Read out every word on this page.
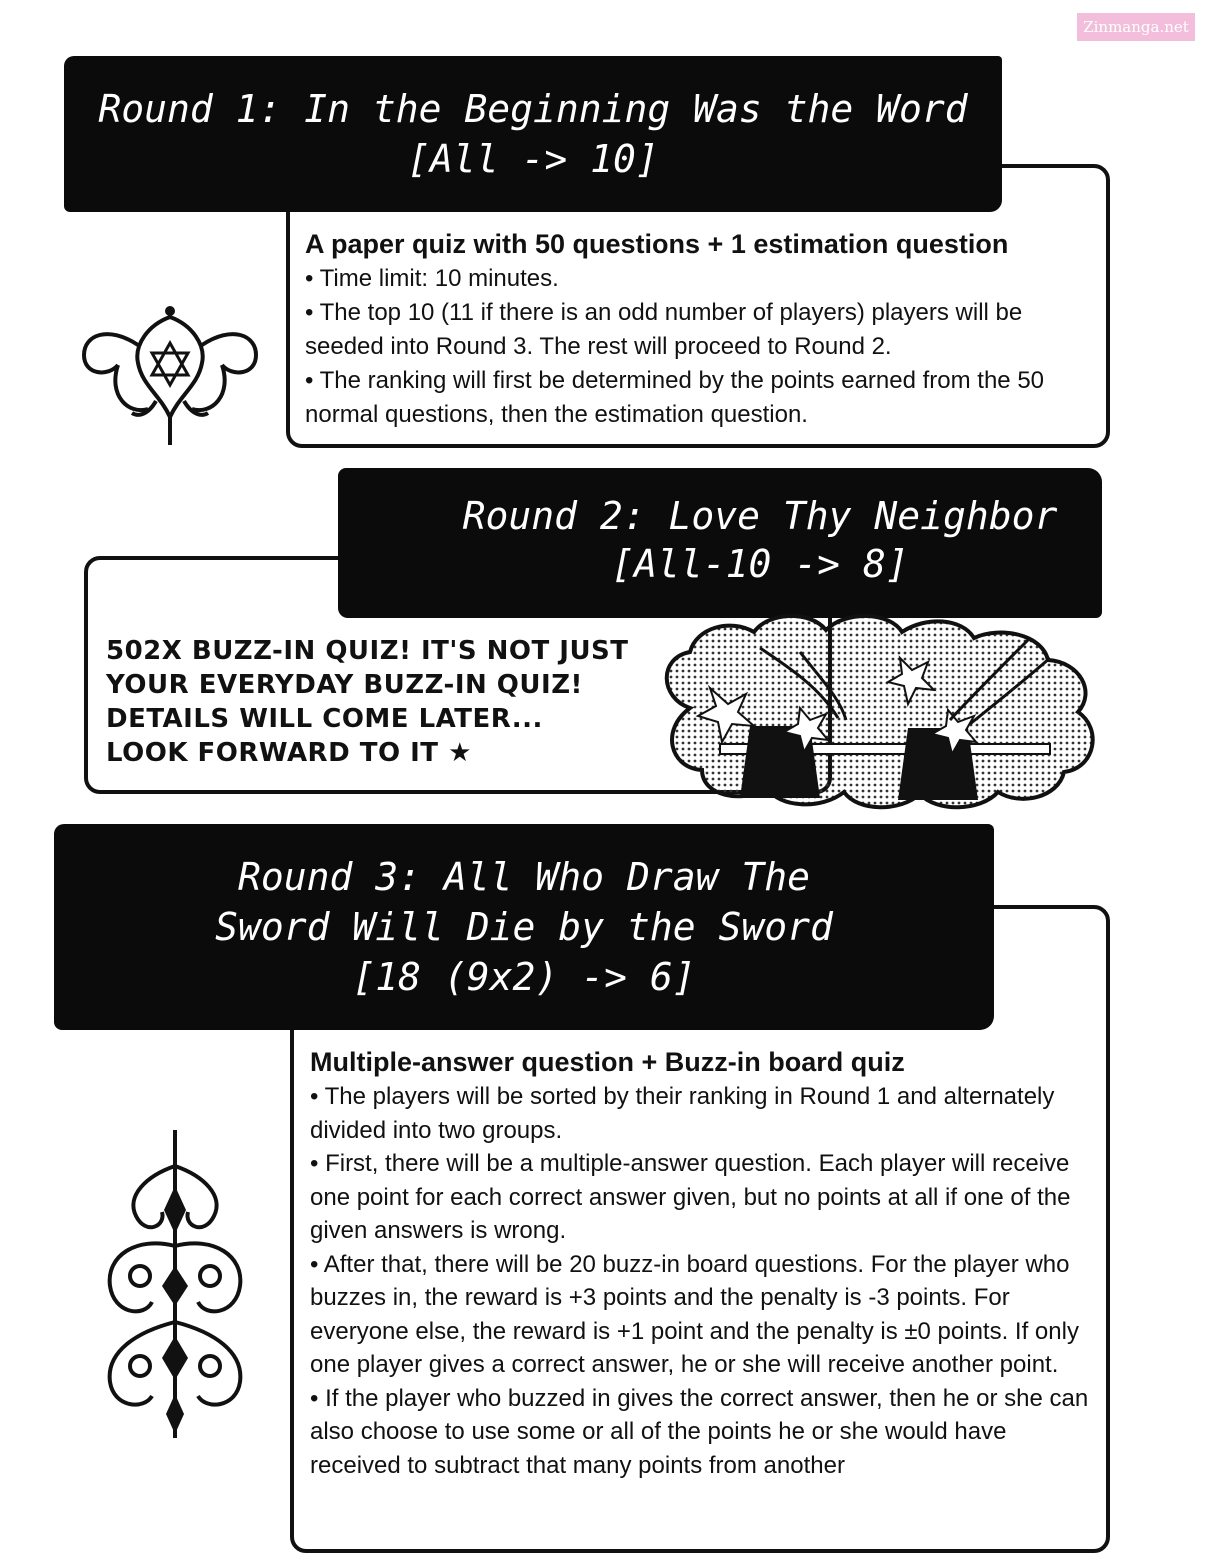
Zinmanga.net
Round 1: In the Beginning Was the Word
[All -> 10]
A paper quiz with 50 questions + 1 estimation question
• Time limit: 10 minutes.
• The top 10 (11 if there is an odd number of players) players will be seeded into Round 3. The rest will proceed to Round 2.
• The ranking will first be determined by the points earned from the 50 normal questions, then the estimation question.
Round 2: Love Thy Neighbor
[All-10 -> 8]
502X BUZZ-IN QUIZ! IT'S NOT JUST
YOUR EVERYDAY BUZZ-IN QUIZ!
DETAILS WILL COME LATER...
LOOK FORWARD TO IT ★
Round 3: All Who Draw The
Sword Will Die by the Sword
[18 (9x2) -> 6]
Multiple-answer question + Buzz-in board quiz
• The players will be sorted by their ranking in Round 1 and alternately divided into two groups.
• First, there will be a multiple-answer question. Each player will receive one point for each correct answer given, but no points at all if one of the given answers is wrong.
• After that, there will be 20 buzz-in board questions. For the player who buzzes in, the reward is +3 points and the penalty is -3 points. For everyone else, the reward is +1 point and the penalty is ±0 points. If only one player gives a correct answer, he or she will receive another point.
• If the player who buzzed in gives the correct answer, then he or she can also choose to use some or all of the points he or she would have received to subtract that many points from another
